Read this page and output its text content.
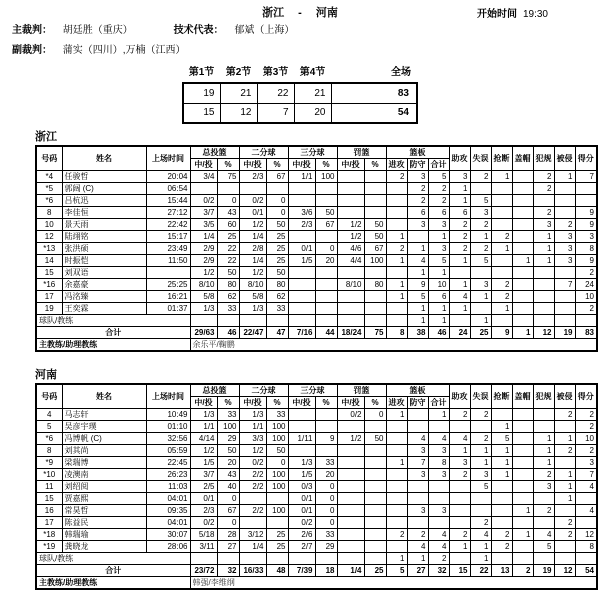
浙江 - 河南	开始时间 19:30
主裁判： 胡廷胜（重庆）	技术代表： 郁斌（上海）
副裁判： 蒲实（四川）,万楠（江西）
第1节	第2节	第3节	第4节	全场
19	21	22	21	83
15	12	7	20	54
浙江
号码	姓名	上场时间	总投篮		二分球		三分球		罚篮		篮板			助攻	失误	抢断	盖帽	犯规	被侵	得分
			中/投	%	中/投	%	中/投	%	中/投	%	进攻	防守	合计							
*4	任骏哲	20:04	3/4	75	2/3	67	1/1	100			2	3	5	3	2	1		2	1	7
*5	郭阔 (C)	06:54										2	2	1				2		
*6	吕杭迅	15:44	0/2	0	0/2	0						2	2	1	5					
8	李佳恒	27:12	3/7	43	0/1	0	3/6	50				6	6	6	3			2		9
10	景天雨	22:42	3/5	60	1/2	50	2/3	67	1/2	50		3	3	2	2			3	2	9
12	陆翊铭	15:17	1/4	25	1/4	25			1/2	50	1		1	2	1	2		1	3	3
*13	张洪硕	23:49	2/9	22	2/8	25	0/1	0	4/6	67	2	1	3	2	2	1		1	3	8
14	时振恺	11:50	2/9	22	1/4	25	1/5	20	4/4	100	1	4	5	1	5		1	1	3	9
15	刘双语		1/2	50	1/2	50						1	1							2
*16	余嘉豪	25:25	8/10	80	8/10	80			8/10	80	1	9	10	1	3	2			7	24
17	冯洺臻	16:21	5/8	62	5/8	62					1	5	6	4	1	2				10
19	王奕霖	01:37	1/3	33	1/3	33						1	1	1		1				2
球队/教练												1	1		1					
合计			29/63	46	22/47	47	7/16	44	18/24	75	8	38	46	24	25	9	1	12	19	83
主教练/助理教练			余乐平/鞠鹏																	
河南
号码	姓名	上场时间	总投篮		二分球		三分球		罚篮		篮板			助攻	失误	抢断	盖帽	犯规	被侵	得分
			中/投	%	中/投	%	中/投	%	中/投	%	进攻	防守	合计							
4	马志轩	10:49	1/3	33	1/3	33			0/2	0	1		1	2	2				2	2
5	吴彦宇璞	01:10	1/1	100	1/1	100										1				2
*6	冯博帆 (C)	32:56	4/14	29	3/3	100	1/11	9	1/2	50		4	4	4	2	5		1	1	10
8	刘其尚	05:59	1/2	50	1/2	50						3	3	1	1	1		1	2	2
*9	梁瑞博	22:45	1/5	20	0/2	0	1/3	33			1	7	8	3	1	1		1		3
*10	凌澳南	26:23	3/7	43	2/2	100	1/5	20				3	3	2	3	1		2	1	7
11	刘绍阅	11:03	2/5	40	2/2	100	0/3	0							5			3	1	4
15	贾嘉熙	04:01	0/1	0			0/1	0											1	
16	常昊哲	09:35	2/3	67	2/2	100	0/1	0				3	3				1	2		4
17	陈益民	04:01	0/2	0			0/2	0							2				2	
*18	韩瑞瑜	30:07	5/18	28	3/12	25	2/6	33			2	2	4	2	4	2	1	4	2	12
*19	龚晓龙	28:06	3/11	27	1/4	25	2/7	29				4	4	1	1	2		5		8
球队/教练											1	1	2		1					
合计			23/72	32	16/33	48	7/39	18	1/4	25	5	27	32	15	22	13	2	19	12	54
主教练/助理教练			韩强/李维纲																	
